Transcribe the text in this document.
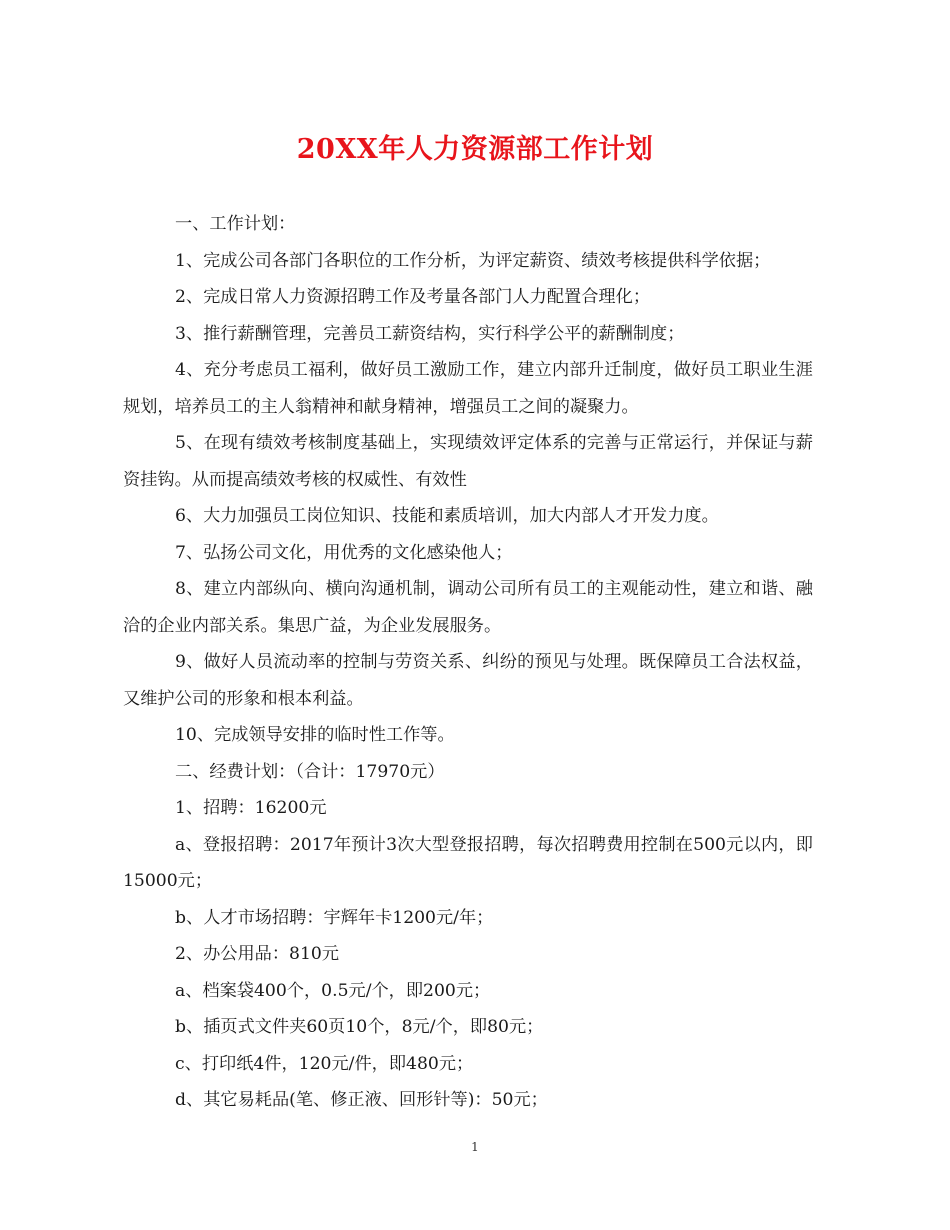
20XX年人力资源部工作计划

一、工作计划：

1、完成公司各部门各职位的工作分析，为评定薪资、绩效考核提供科学依据；

2、完成日常人力资源招聘工作及考量各部门人力配置合理化；

3、推行薪酬管理，完善员工薪资结构，实行科学公平的薪酬制度；

4、充分考虑员工福利，做好员工激励工作，建立内部升迁制度，做好员工职业生涯规划，培养员工的主人翁精神和献身精神，增强员工之间的凝聚力。

5、在现有绩效考核制度基础上，实现绩效评定体系的完善与正常运行，并保证与薪资挂钩。从而提高绩效考核的权威性、有效性

6、大力加强员工岗位知识、技能和素质培训，加大内部人才开发力度。

7、弘扬公司文化，用优秀的文化感染他人；

8、建立内部纵向、横向沟通机制，调动公司所有员工的主观能动性，建立和谐、融洽的企业内部关系。集思广益，为企业发展服务。

9、做好人员流动率的控制与劳资关系、纠纷的预见与处理。既保障员工合法权益，又维护公司的形象和根本利益。

10、完成领导安排的临时性工作等。

二、经费计划：（合计：17970元）

1、招聘：16200元

a、登报招聘：2017年预计3次大型登报招聘，每次招聘费用控制在500元以内，即15000元；

b、人才市场招聘：宇辉年卡1200元/年；

2、办公用品：810元

a、档案袋400个，0.5元/个，即200元；

b、插页式文件夹60页10个，8元/个，即80元；

c、打印纸4件，120元/件，即480元；

d、其它易耗品(笔、修正液、回形针等)：50元；

1
